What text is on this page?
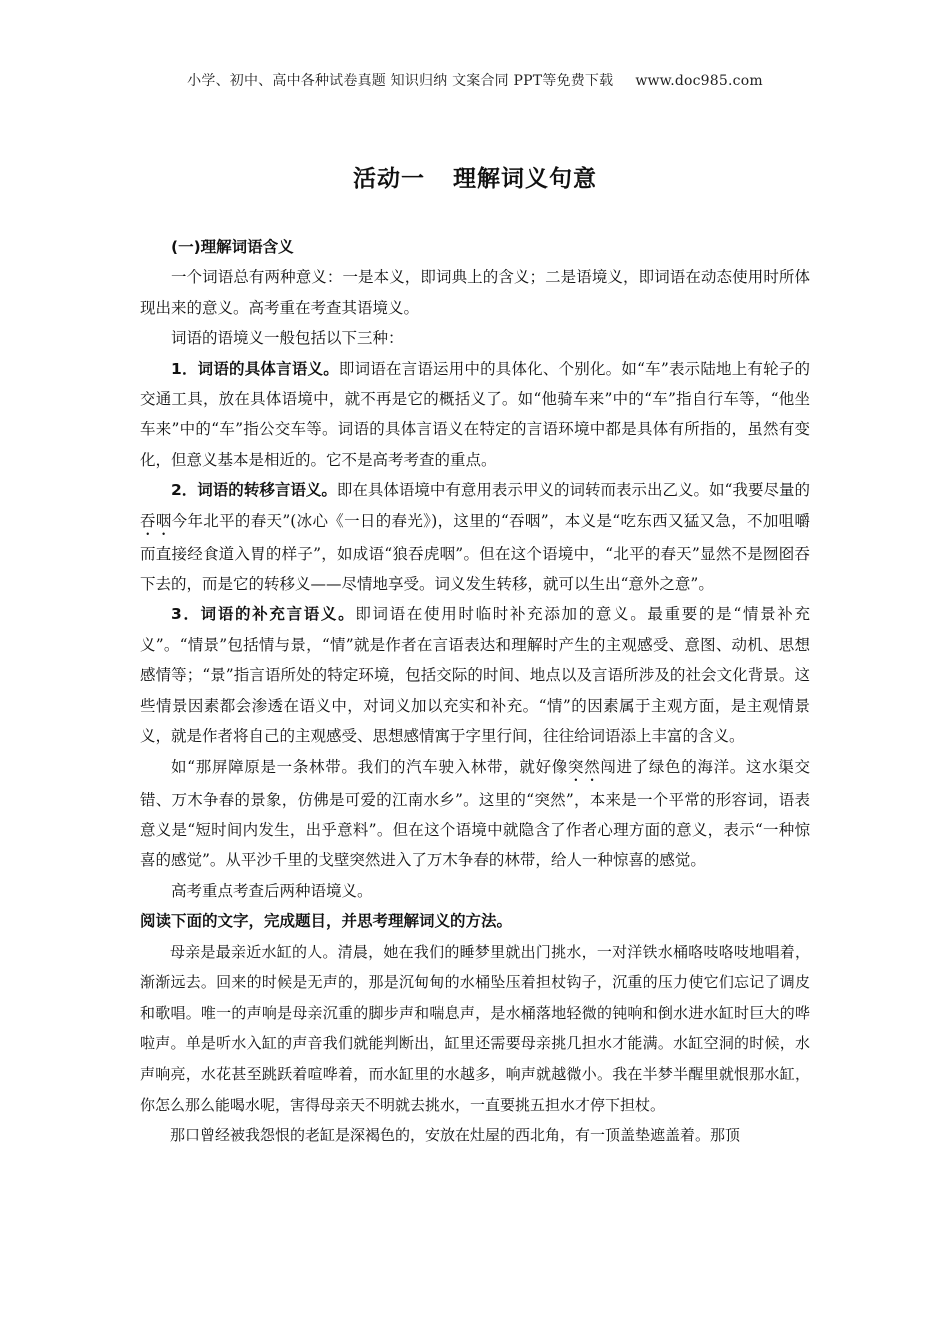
小学、初中、高中各种试卷真题 知识归纳 文案合同 PPT等免费下载 www.doc985.com
活动一 理解词义句意

(一)理解词语含义

一个词语总有两种意义：一是本义，即词典上的含义；二是语境义，即词语在动态使用时所体现出来的意义。高考重在考查其语境义。

词语的语境义一般包括以下三种：

1．词语的具体言语义。即词语在言语运用中的具体化、个别化。如“车”表示陆地上有轮子的交通工具，放在具体语境中，就不再是它的概括义了。如“他骑车来”中的“车”指自行车等，“他坐车来”中的“车”指公交车等。词语的具体言语义在特定的言语环境中都是具体有所指的，虽然有变化，但意义基本是相近的。它不是高考考查的重点。

2．词语的转移言语义。即在具体语境中有意用表示甲义的词转而表示出乙义。如“我要尽量的吞咽今年北平的春天”(冰心《一日的春光》)，这里的“吞咽”，本义是“吃东西又猛又急，不加咀嚼而直接经食道入胃的样子”，如成语“狼吞虎咽”。但在这个语境中，“北平的春天”显然不是囫囵吞下去的，而是它的转移义——尽情地享受。词义发生转移，就可以生出“意外之意”。

3．词语的补充言语义。即词语在使用时临时补充添加的意义。最重要的是“情景补充义”。“情景”包括情与景，“情”就是作者在言语表达和理解时产生的主观感受、意图、动机、思想感情等；“景”指言语所处的特定环境，包括交际的时间、地点以及言语所涉及的社会文化背景。这些情景因素都会渗透在语义中，对词义加以充实和补充。“情”的因素属于主观方面，是主观情景义，就是作者将自己的主观感受、思想感情寓于字里行间，往往给词语添上丰富的含义。

如“那屏障原是一条林带。我们的汽车驶入林带，就好像突然闯进了绿色的海洋。这水渠交错、万木争春的景象，仿佛是可爱的江南水乡”。这里的“突然”，本来是一个平常的形容词，语表意义是“短时间内发生，出乎意料”。但在这个语境中就隐含了作者心理方面的意义，表示“一种惊喜的感觉”。从平沙千里的戈壁突然进入了万木争春的林带，给人一种惊喜的感觉。

高考重点考查后两种语境义。

阅读下面的文字，完成题目，并思考理解词义的方法。

母亲是最亲近水缸的人。清晨，她在我们的睡梦里就出门挑水，一对洋铁水桶咯吱咯吱地唱着，渐渐远去。回来的时候是无声的，那是沉甸甸的水桶坠压着担杖钩子，沉重的压力使它们忘记了调皮和歌唱。唯一的声响是母亲沉重的脚步声和喘息声，是水桶落地轻微的钝响和倒水进水缸时巨大的哗啦声。单是听水入缸的声音我们就能判断出，缸里还需要母亲挑几担水才能满。水缸空洞的时候，水声响亮，水花甚至跳跃着喧哗着，而水缸里的水越多，响声就越微小。我在半梦半醒里就恨那水缸，你怎么那么能喝水呢，害得母亲天不明就去挑水，一直要挑五担水才停下担杖。

那口曾经被我怨恨的老缸是深褐色的，安放在灶屋的西北角，有一顶盖垫遮盖着。那顶
